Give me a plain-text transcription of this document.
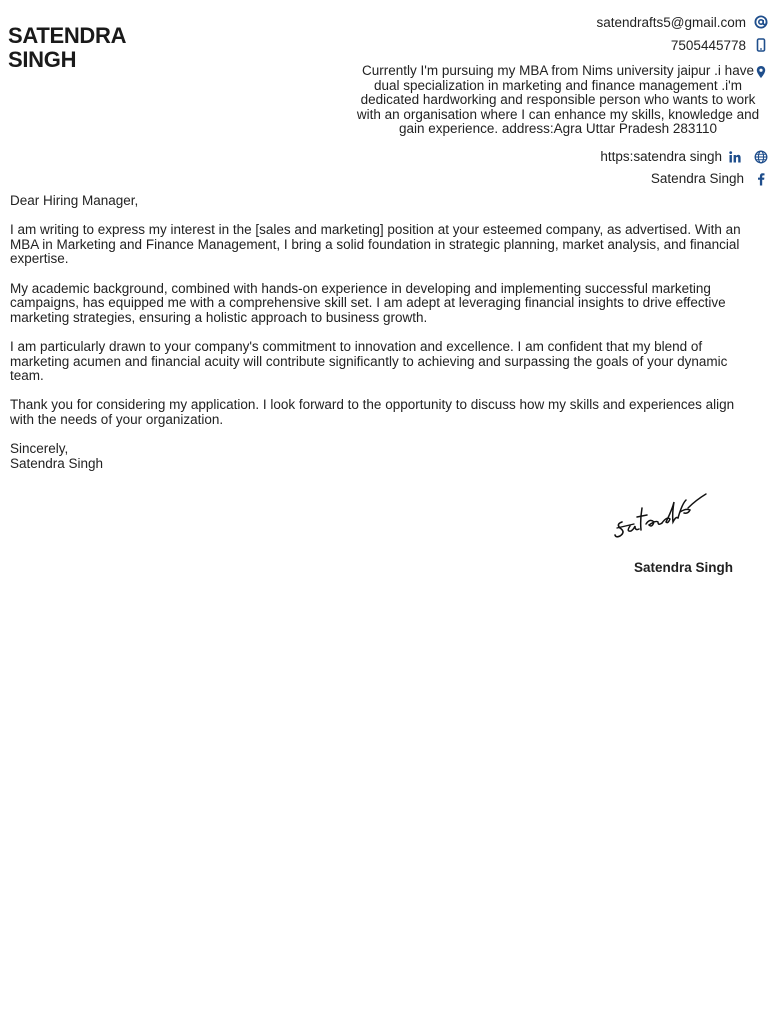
SATENDRA
SINGH
satendrafts5@gmail.com
7505445778
Currently I'm pursuing my MBA from Nims university jaipur .i have dual specialization in marketing and finance management .i'm dedicated hardworking and responsible person who wants to work with an organisation where I can enhance my skills, knowledge and gain experience. address:Agra Uttar Pradesh 283110
https:satendra singh
Satendra Singh

Dear Hiring Manager,

I am writing to express my interest in the [sales and marketing] position at your esteemed company, as advertised. With an MBA in Marketing and Finance Management, I bring a solid foundation in strategic planning, market analysis, and financial expertise.

My academic background, combined with hands-on experience in developing and implementing successful marketing campaigns, has equipped me with a comprehensive skill set. I am adept at leveraging financial insights to drive effective marketing strategies, ensuring a holistic approach to business growth.

I am particularly drawn to your company's commitment to innovation and excellence. I am confident that my blend of marketing acumen and financial acuity will contribute significantly to achieving and surpassing the goals of your dynamic team.

Thank you for considering my application. I look forward to the opportunity to discuss how my skills and experiences align with the needs of your organization.

Sincerely,
Satendra Singh
Satendra Singh
